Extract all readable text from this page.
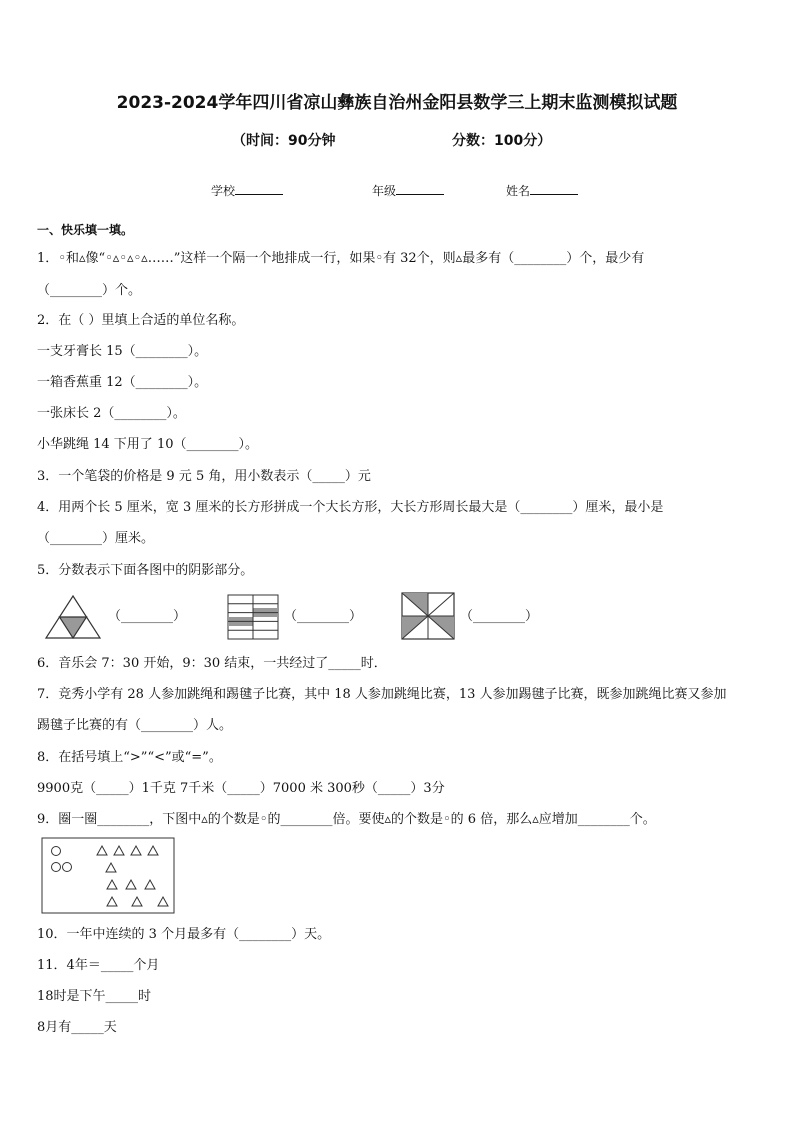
2023-2024学年四川省凉山彝族自治州金阳县数学三上期末监测模拟试题
（时间：90分钟	分数：100分）
学校	年级	姓名
一、快乐填一填。
1．◦和▵像“◦▵◦▵◦▵……”这样一个隔一个地排成一行，如果◦有 32个，则▵最多有（________）个，最少有
（________）个。
2．在（ ）里填上合适的单位名称。
一支牙膏长 15（________）。
一箱香蕉重 12（________）。
一张床长 2（________）。
小华跳绳 14 下用了 10（________）。
3．一个笔袋的价格是 9 元 5 角，用小数表示（_____）元
4．用两个长 5 厘米，宽 3 厘米的长方形拼成一个大长方形，大长方形周长最大是（________）厘米，最小是
（________）厘米。
5．分数表示下面各图中的阴影部分。
（________）	（________）	（________）
6．音乐会 7：30 开始，9：30 结束，一共经过了_____时．
7．竞秀小学有 28 人参加跳绳和踢毽子比赛，其中 18 人参加跳绳比赛，13 人参加踢毽子比赛，既参加跳绳比赛又参加
踢毽子比赛的有（________）人。
8．在括号填上“>”“<”或“=”。
9900克（_____）1千克 7千米（_____）7000 米 300秒（_____）3分
9．圈一圈________，下图中▵的个数是◦的________倍。要使▵的个数是◦的 6 倍，那么▵应增加________个。
10．一年中连续的 3 个月最多有（________）天。
11．4年＝_____个月
18时是下午_____时
8月有_____天
